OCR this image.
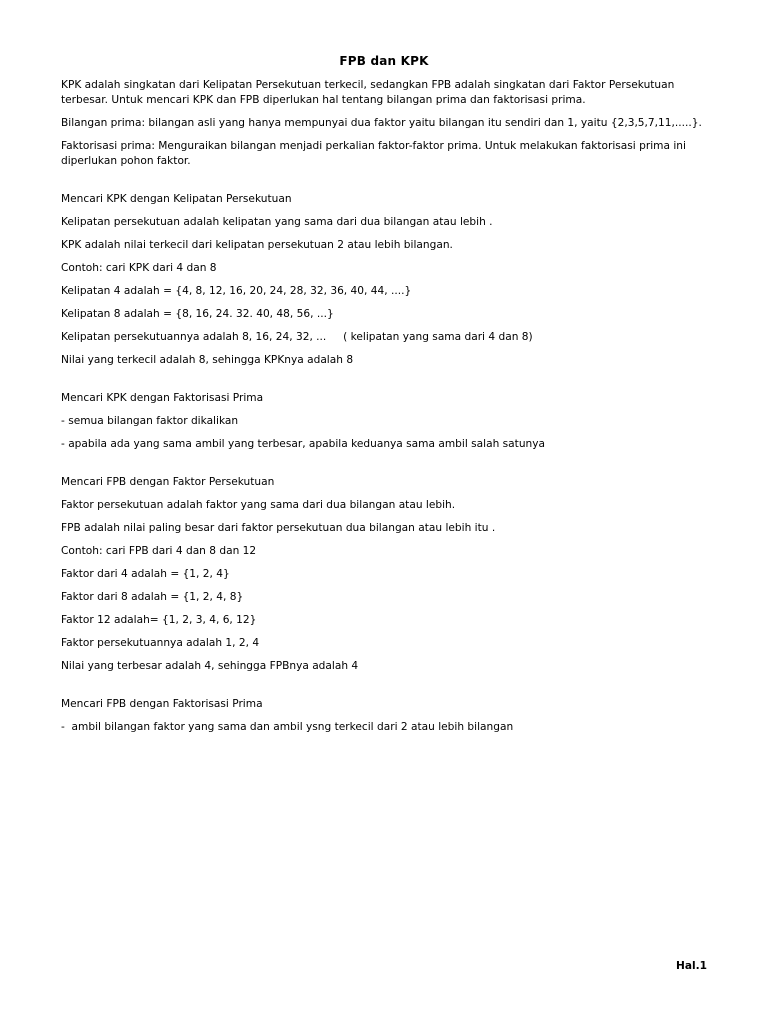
FPB dan KPK

KPK adalah singkatan dari Kelipatan Persekutuan terkecil, sedangkan FPB adalah singkatan dari Faktor Persekutuan terbesar. Untuk mencari KPK dan FPB diperlukan hal tentang bilangan prima dan faktorisasi prima.

Bilangan prima: bilangan asli yang hanya mempunyai dua faktor yaitu bilangan itu sendiri dan 1, yaitu {2,3,5,7,11,.....}.

Faktorisasi prima: Menguraikan bilangan menjadi perkalian faktor-faktor prima. Untuk melakukan faktorisasi prima ini diperlukan pohon faktor.

Mencari KPK dengan Kelipatan Persekutuan
Kelipatan persekutuan adalah kelipatan yang sama dari dua bilangan atau lebih .
KPK adalah nilai terkecil dari kelipatan persekutuan 2 atau lebih bilangan.
Contoh: cari KPK dari 4 dan 8
Kelipatan 4 adalah = {4, 8, 12, 16, 20, 24, 28, 32, 36, 40, 44, ....}
Kelipatan 8 adalah = {8, 16, 24. 32. 40, 48, 56, ...}
Kelipatan persekutuannya adalah 8, 16, 24, 32, ...     ( kelipatan yang sama dari 4 dan 8)
Nilai yang terkecil adalah 8, sehingga KPKnya adalah 8
Mencari KPK dengan Faktorisasi Prima
- semua bilangan faktor dikalikan
- apabila ada yang sama ambil yang terbesar, apabila keduanya sama ambil salah satunya
Mencari FPB dengan Faktor Persekutuan
Faktor persekutuan adalah faktor yang sama dari dua bilangan atau lebih.
FPB adalah nilai paling besar dari faktor persekutuan dua bilangan atau lebih itu .
Contoh: cari FPB dari 4 dan 8 dan 12
Faktor dari 4 adalah = {1, 2, 4}
Faktor dari 8 adalah = {1, 2, 4, 8}
Faktor 12 adalah= {1, 2, 3, 4, 6, 12}
Faktor persekutuannya adalah 1, 2, 4
Nilai yang terbesar adalah 4, sehingga FPBnya adalah 4
Mencari FPB dengan Faktorisasi Prima
-  ambil bilangan faktor yang sama dan ambil ysng terkecil dari 2 atau lebih bilangan
Hal.1
